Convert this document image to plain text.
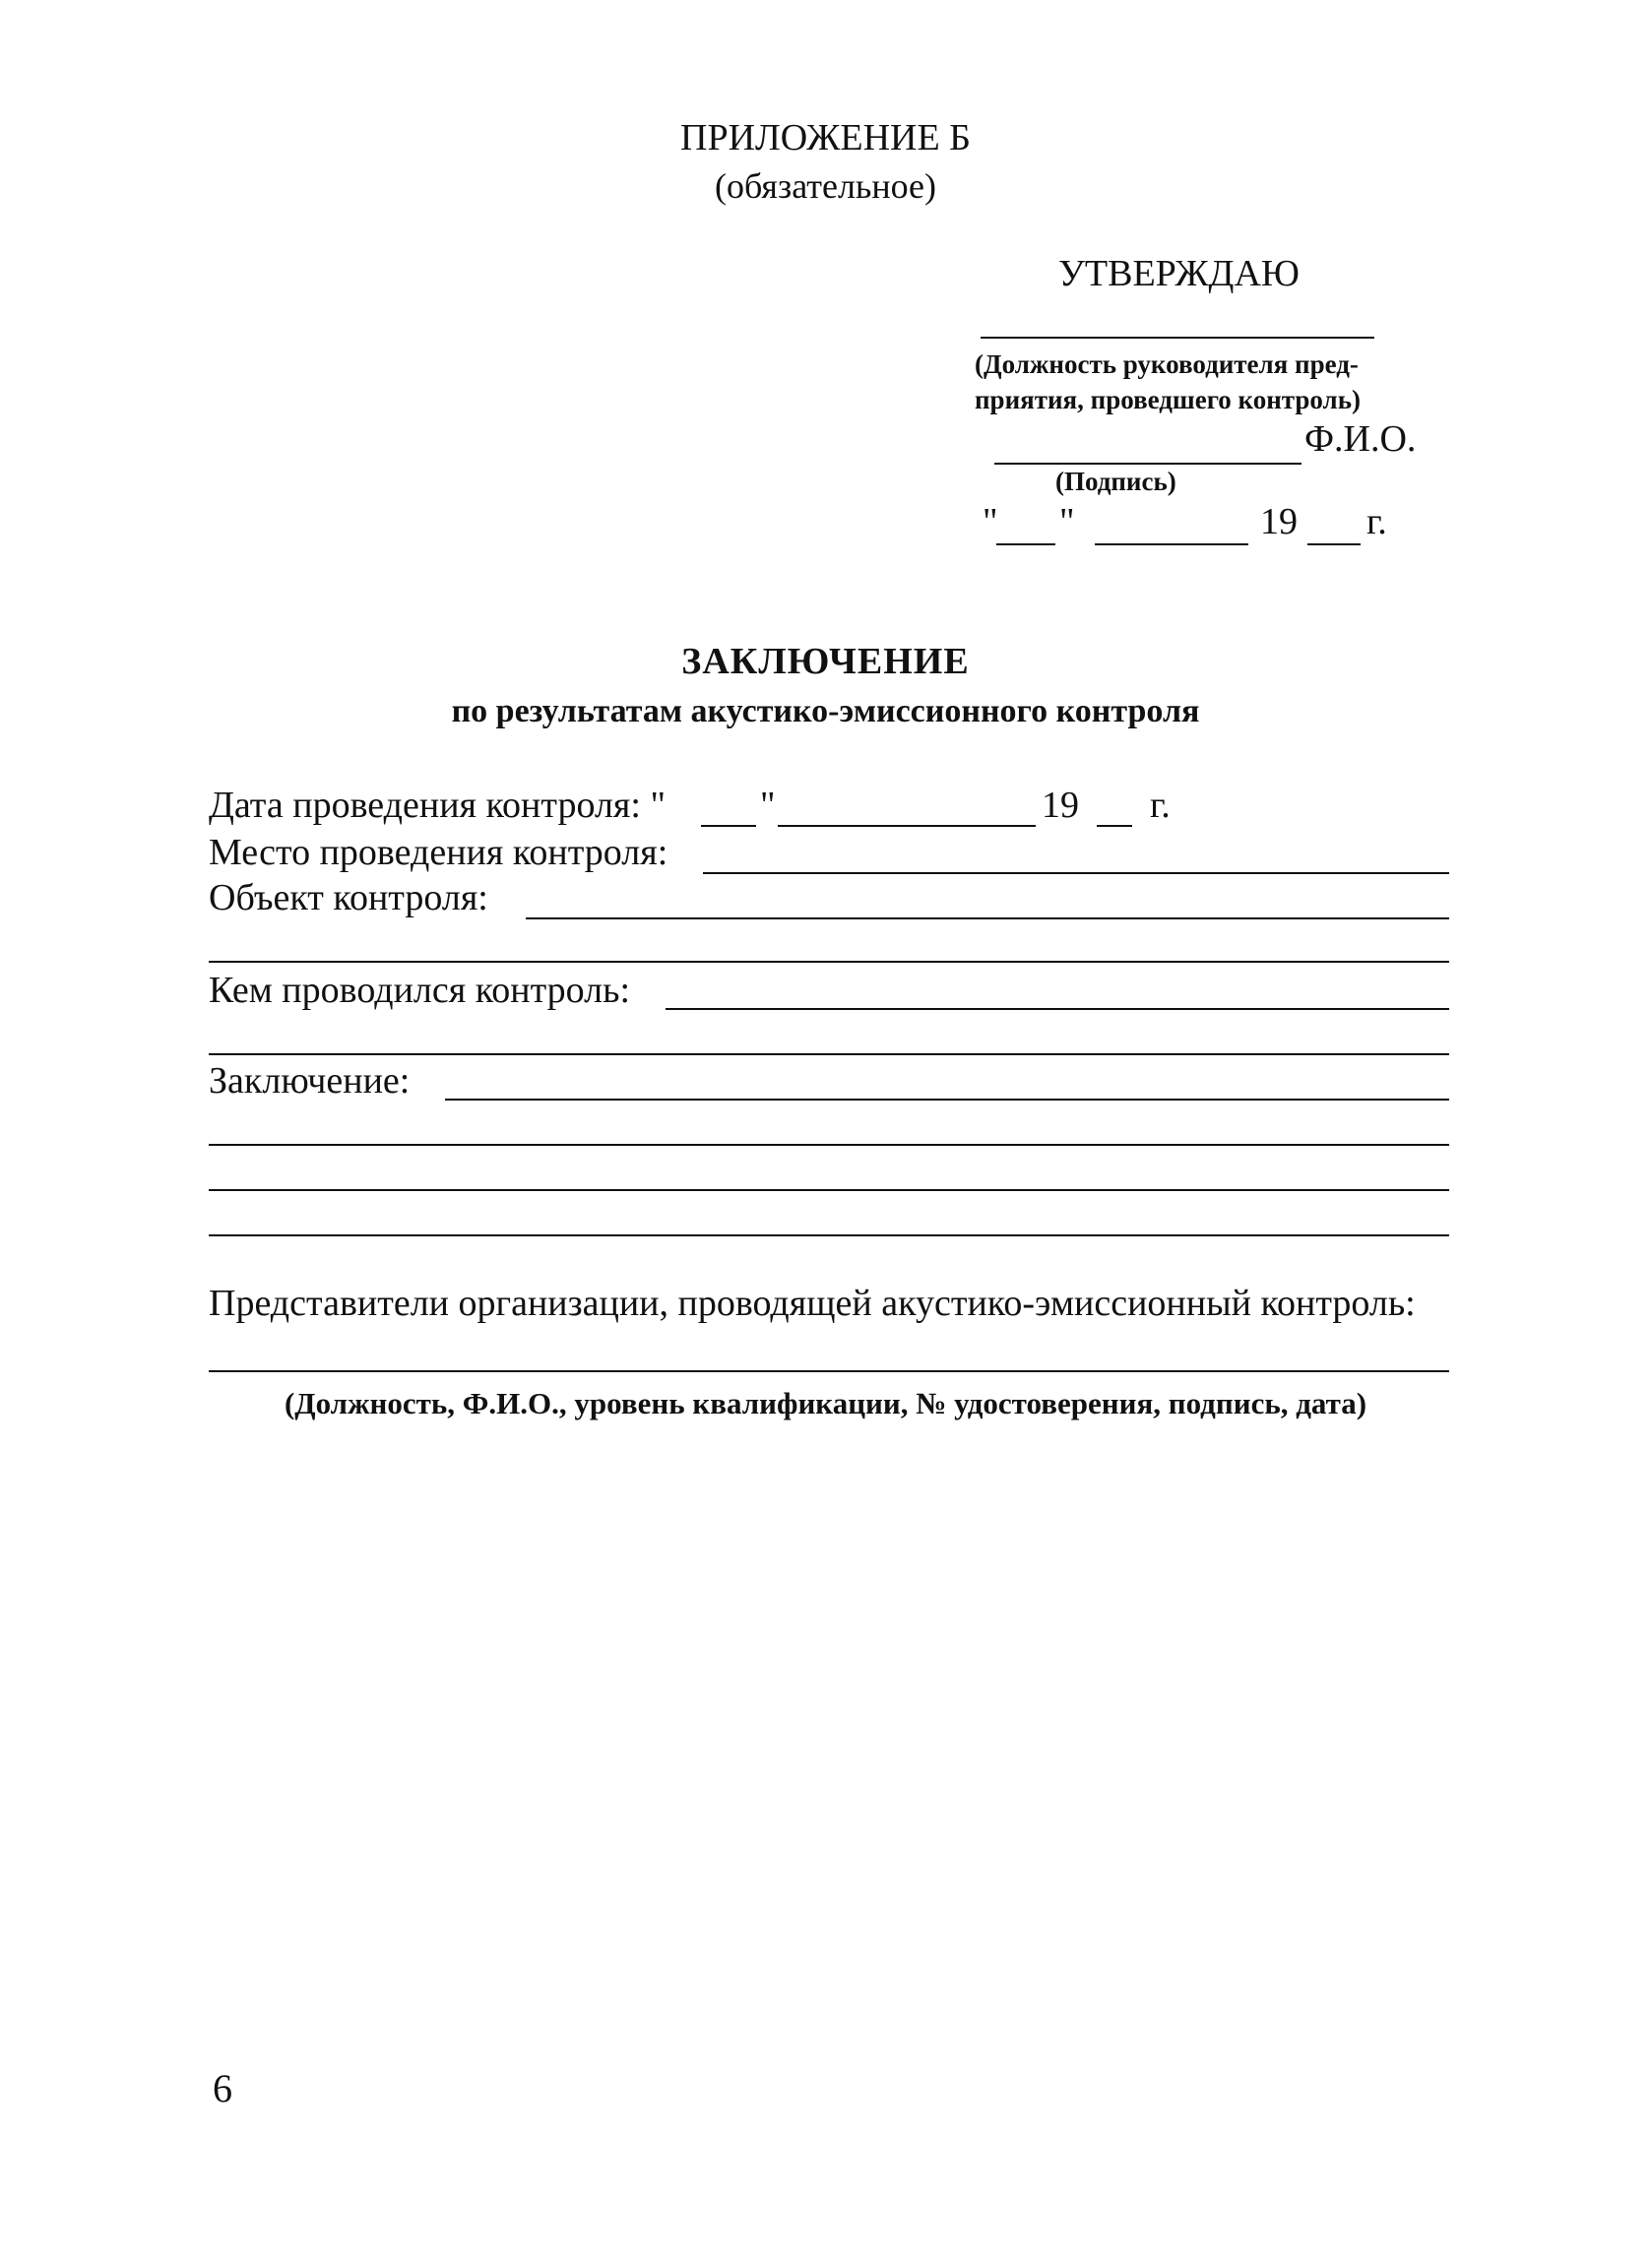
ПРИЛОЖЕНИЕ Б
(обязательное)
УТВЕРЖДАЮ
(Должность руководителя пред-
приятия, проведшего контроль)
Ф.И.О.
(Подпись)
" "	19 г.
ЗАКЛЮЧЕНИЕ
по результатам акустико-эмиссионного контроля
Дата проведения контроля: "	"	19 г.
Место проведения контроля:
Объект контроля:
Кем проводился контроль:
Заключение:
Представители организации, проводящей акустико-эмиссионный контроль:
(Должность, Ф.И.О., уровень квалификации, № удостоверения, подпись, дата)
6
